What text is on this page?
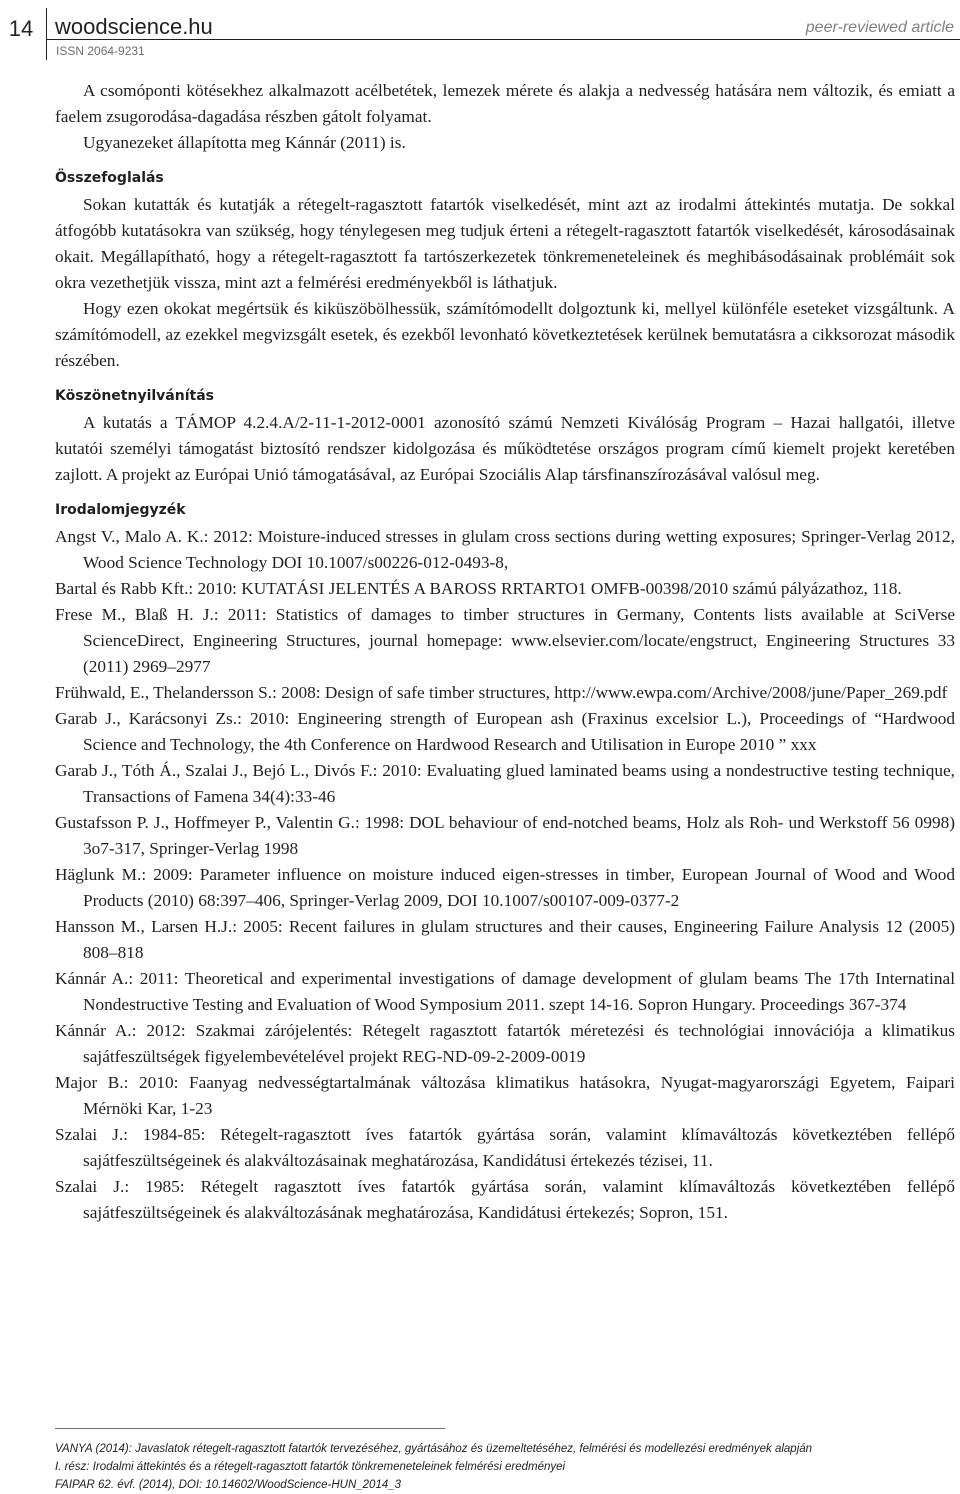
14 woodscience.hu
ISSN 2064-9231
peer-reviewed article

A csomóponti kötésekhez alkalmazott acélbetétek, lemezek mérete és alakja a nedvesség hatására nem változik, és emiatt a faelem zsugorodása-dagadása részben gátolt folyamat.

Ugyanezeket állapította meg Kánnár (2011) is.

Összefoglalás

Sokan kutatták és kutatják a rétegelt-ragasztott fatartók viselkedését, mint azt az irodalmi áttekintés mutatja. De sokkal átfogóbb kutatásokra van szükség, hogy ténylegesen meg tudjuk érteni a rétegelt-ragasztott fatartók viselkedését, károsodásainak okait. Megállapítható, hogy a rétegelt-ragasztott fa tartószerkezetek tönkremeneteleinek és meghibásodásainak problémáit sok okra vezethetjük vissza, mint azt a felmérési eredményekből is láthatjuk.

Hogy ezen okokat megértsük és kiküszöbölhessük, számítómodellt dolgoztunk ki, mellyel különféle eseteket vizsgáltunk. A számítómodell, az ezekkel megvizsgált esetek, és ezekből levonható következtetések kerülnek bemutatásra a cikksorozat második részében.

Köszönetnyilvánítás

A kutatás a TÁMOP 4.2.4.A/2-11-1-2012-0001 azonosító számú Nemzeti Kiválóság Program – Hazai hallgatói, illetve kutatói személyi támogatást biztosító rendszer kidolgozása és működtetése országos program című kiemelt projekt keretében zajlott. A projekt az Európai Unió támogatásával, az Európai Szociális Alap társfinanszírozásával valósul meg.

Irodalomjegyzék

Angst V., Malo A. K.: 2012: Moisture-induced stresses in glulam cross sections during wetting exposures; Springer-Verlag 2012, Wood Science Technology DOI 10.1007/s00226-012-0493-8,

Bartal és Rabb Kft.: 2010: KUTATÁSI JELENTÉS A BAROSS RRTARTO1 OMFB-00398/2010 számú pályázathoz, 118.

Frese M., Blaß H. J.: 2011: Statistics of damages to timber structures in Germany, Contents lists available at SciVerse ScienceDirect, Engineering Structures, journal homepage: www.elsevier.com/locate/engstruct, Engineering Structures 33 (2011) 2969–2977

Frühwald, E., Thelandersson S.: 2008: Design of safe timber structures, http://www.ewpa.com/Archive/2008/june/Paper_269.pdf

Garab J., Karácsonyi Zs.: 2010: Engineering strength of European ash (Fraxinus excelsior L.), Proceedings of “Hardwood Science and Technology, the 4th Conference on Hardwood Research and Utilisation in Europe 2010 ” xxx

Garab J., Tóth Á., Szalai J., Bejó L., Divós F.: 2010: Evaluating glued laminated beams using a nondestructive testing technique, Transactions of Famena 34(4):33-46

Gustafsson P. J., Hoffmeyer P., Valentin G.: 1998: DOL behaviour of end-notched beams, Holz als Roh- und Werkstoff 56 0998) 3o7-317, Springer-Verlag 1998

Häglunk M.: 2009: Parameter influence on moisture induced eigen-stresses in timber, European Journal of Wood and Wood Products (2010) 68:397–406, Springer-Verlag 2009, DOI 10.1007/s00107-009-0377-2

Hansson M., Larsen H.J.: 2005: Recent failures in glulam structures and their causes, Engineering Failure Analysis 12 (2005) 808–818

Kánnár A.: 2011: Theoretical and experimental investigations of damage development of glulam beams The 17th Internatinal Nondestructive Testing and Evaluation of Wood Symposium 2011. szept 14-16. Sopron Hungary. Proceedings 367-374

Kánnár A.: 2012: Szakmai zárójelentés: Rétegelt ragasztott fatartók méretezési és technológiai innovációja a klimatikus sajátfeszültségek figyelembevételével projekt REG-ND-09-2-2009-0019

Major B.: 2010: Faanyag nedvességtartalmának változása klimatikus hatásokra, Nyugat-magyarországi Egyetem, Faipari Mérnöki Kar, 1-23

Szalai J.: 1984-85: Rétegelt-ragasztott íves fatartók gyártása során, valamint klímaváltozás következtében fellépő sajátfeszültségeinek és alakváltozásainak meghatározása, Kandidátusi értekezés tézisei, 11.

Szalai J.: 1985: Rétegelt ragasztott íves fatartók gyártása során, valamint klímaváltozás következtében fellépő sajátfeszültségeinek és alakváltozásának meghatározása, Kandidátusi értekezés; Sopron, 151.

VANYA (2014): Javaslatok rétegelt-ragasztott fatartók tervezéséhez, gyártásához és üzemeltetéséhez, felmérési és modellezési eredmények alapján
I. rész: Irodalmi áttekintés és a rétegelt-ragasztott fatartók tönkremeneteleinek felmérési eredményei
FAIPAR 62. évf. (2014), DOI: 10.14602/WoodScience-HUN_2014_3
